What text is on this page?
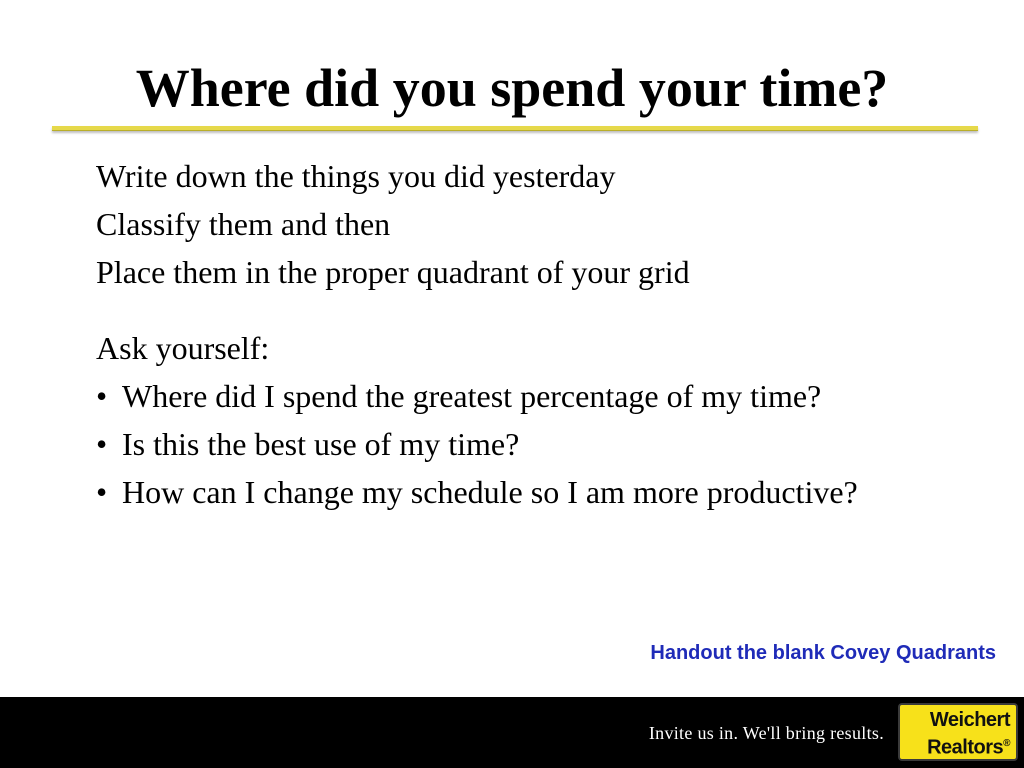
Where did you spend your time?
Write down the things you did yesterday
Classify them and then
Place them in the proper quadrant of your grid
Ask yourself:
• Where did I spend the greatest percentage of my time?
• Is this the best use of my time?
• How can I change my schedule so I am more productive?
Handout the blank Covey Quadrants
Invite us in. We'll bring results.
Weichert
Realtors®
